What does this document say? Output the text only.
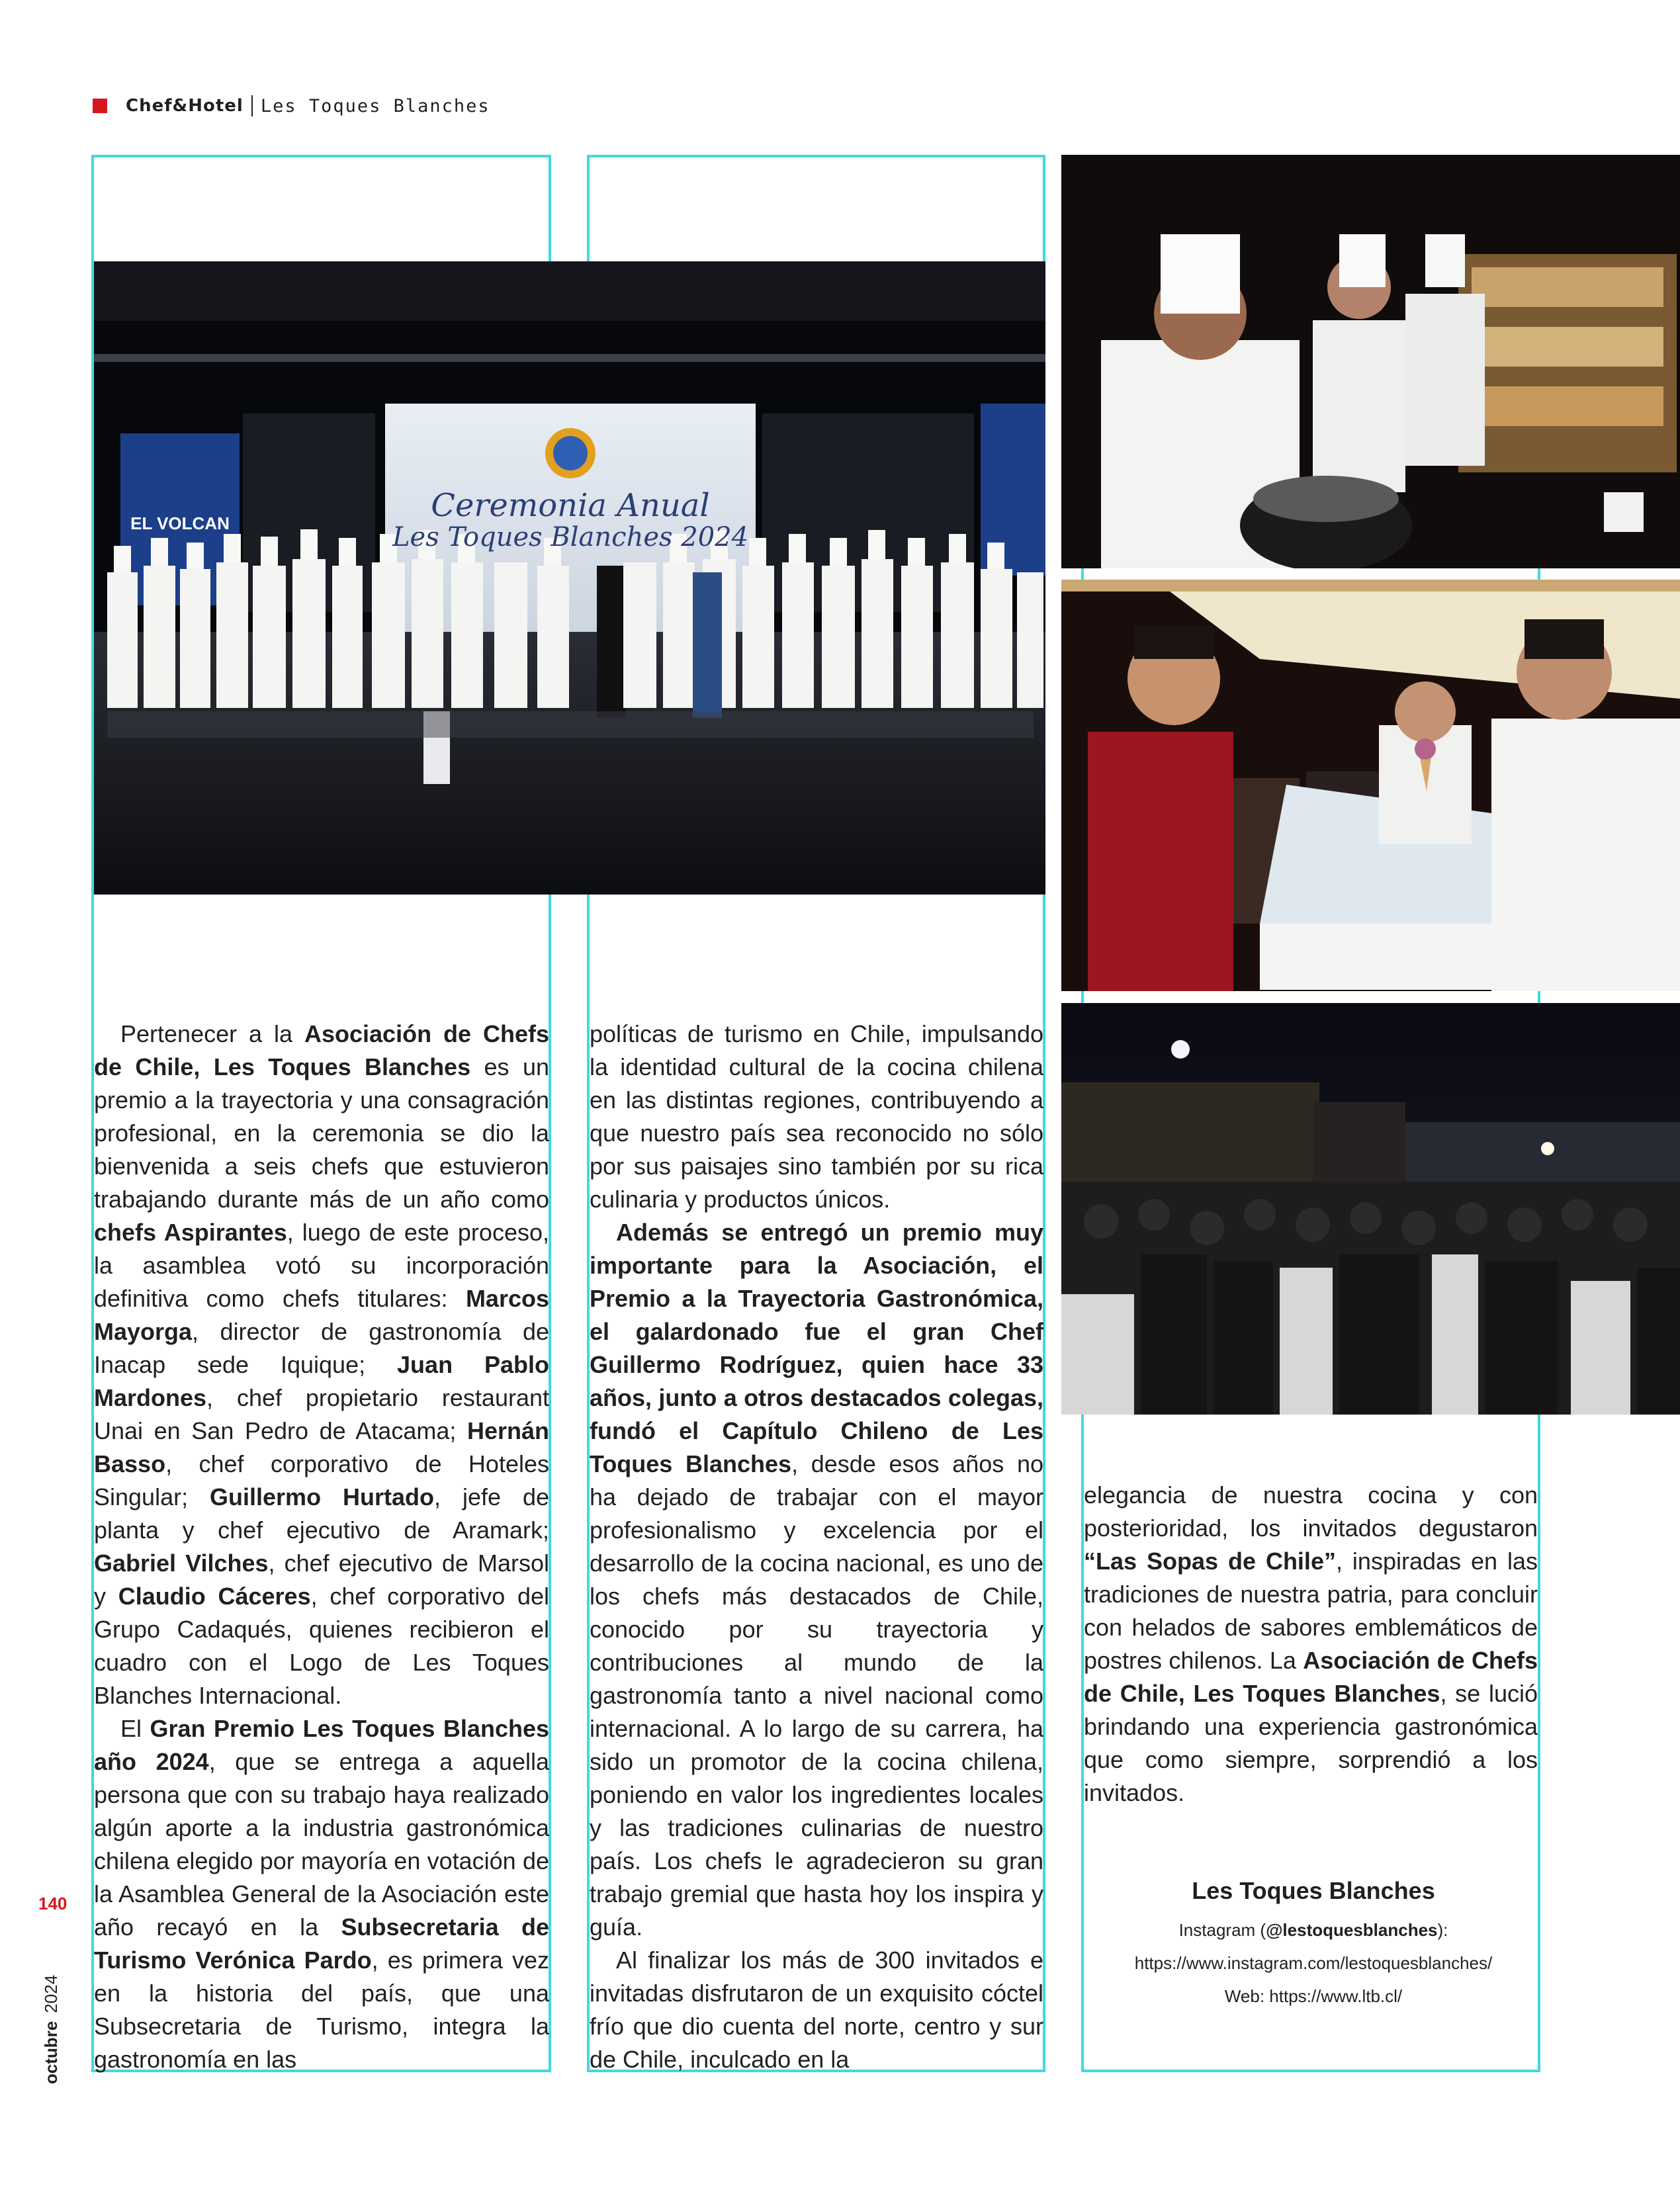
Chef&Hotel Les Toques Blanches
Ceremonia Anual
Les Toques Blanches 2024
EL VOLCAN

Pertenecer a la Asociación de Chefs de Chile, Les Toques Blanches es un premio a la trayectoria y una consagración profesional, en la ceremonia se dio la bienvenida a seis chefs que estuvieron trabajando durante más de un año como chefs Aspirantes, luego de este proceso, la asamblea votó su incorporación definitiva como chefs titulares: Marcos Mayorga, director de gastronomía de Inacap sede Iquique; Juan Pablo Mardones, chef propietario restaurant Unai en San Pedro de Atacama; Hernán Basso, chef corporativo de Hoteles Singular; Guillermo Hurtado, jefe de planta y chef ejecutivo de Aramark; Gabriel Vilches, chef ejecutivo de Marsol y Claudio Cáceres, chef corporativo del Grupo Cadaqués, quienes recibieron el cuadro con el Logo de Les Toques Blanches Internacional.

El Gran Premio Les Toques Blanches año 2024, que se entrega a aquella persona que con su trabajo haya realizado algún aporte a la industria gastronómica chilena elegido por mayoría en votación de la Asamblea General de la Asociación este año recayó en la Subsecretaria de Turismo Verónica Pardo, es primera vez en la historia del país, que una Subsecretaria de Turismo, integra la gastronomía en las

políticas de turismo en Chile, impulsando la identidad cultural de la cocina chilena en las distintas regiones, contribuyendo a que nuestro país sea reconocido no sólo por sus paisajes sino también por su rica culinaria y productos únicos.

Además se entregó un premio muy importante para la Asociación, el Premio a la Trayectoria Gastronómica, el galardonado fue el gran Chef Guillermo Rodríguez, quien hace 33 años, junto a otros destacados colegas, fundó el Capítulo Chileno de Les Toques Blanches, desde esos años no ha dejado de trabajar con el mayor profesionalismo y excelencia por el desarrollo de la cocina nacional, es uno de los chefs más destacados de Chile, conocido por su trayectoria y contribuciones al mundo de la gastronomía tanto a nivel nacional como internacional. A lo largo de su carrera, ha sido un promotor de la cocina chilena, poniendo en valor los ingredientes locales y las tradiciones culinarias de nuestro país. Los chefs le agradecieron su gran trabajo gremial que hasta hoy los inspira y guía.

Al finalizar los más de 300 invitados e invitadas disfrutaron de un exquisito cóctel frío que dio cuenta del norte, centro y sur de Chile, inculcado en la

elegancia de nuestra cocina y con posterioridad, los invitados degustaron “Las Sopas de Chile”, inspiradas en las tradiciones de nuestra patria, para concluir con helados de sabores emblemáticos de postres chilenos. La Asociación de Chefs de Chile, Les Toques Blanches, se lució brindando una experiencia gastronómica que como siempre, sorprendió a los invitados.

Les Toques Blanches
Instagram (@lestoquesblanches):
https://www.instagram.com/lestoquesblanches/
Web: https://www.ltb.cl/
140
octubre2024
